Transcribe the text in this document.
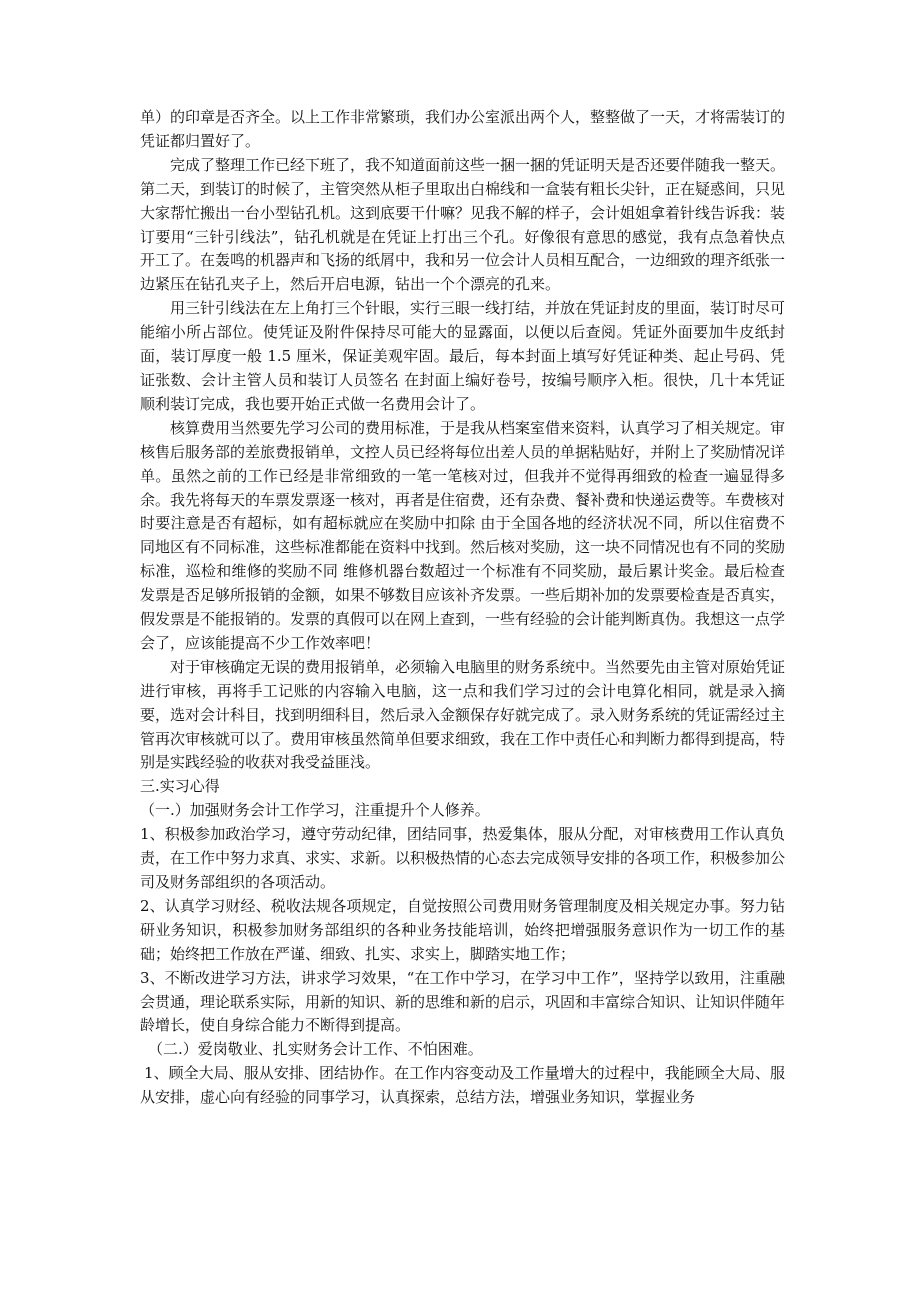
单）的印章是否齐全。以上工作非常繁琐，我们办公室派出两个人，整整做了一天，才将需装订的凭证都归置好了。

完成了整理工作已经下班了，我不知道面前这些一捆一捆的凭证明天是否还要伴随我一整天。第二天，到装订的时候了，主管突然从柜子里取出白棉线和一盒装有粗长尖针，正在疑惑间，只见大家帮忙搬出一台小型钻孔机。这到底要干什嘛？见我不解的样子，会计姐姐拿着针线告诉我：装订要用“三针引线法”，钻孔机就是在凭证上打出三个孔。好像很有意思的感觉，我有点急着快点开工了。在轰鸣的机器声和飞扬的纸屑中，我和另一位会计人员相互配合，一边细致的理齐纸张一边紧压在钻孔夹子上，然后开启电源，钻出一个个漂亮的孔来。

用三针引线法在左上角打三个针眼，实行三眼一线打结，并放在凭证封皮的里面，装订时尽可能缩小所占部位。使凭证及附件保持尽可能大的显露面，以便以后查阅。凭证外面要加牛皮纸封面，装订厚度一般 1.5 厘米，保证美观牢固。最后，每本封面上填写好凭证种类、起止号码、凭证张数、会计主管人员和装订人员签名 在封面上编好卷号，按编号顺序入柜。很快，几十本凭证顺利装订完成，我也要开始正式做一名费用会计了。

核算费用当然要先学习公司的费用标准，于是我从档案室借来资料，认真学习了相关规定。审核售后服务部的差旅费报销单，文控人员已经将每位出差人员的单据粘贴好，并附上了奖励情况详单。虽然之前的工作已经是非常细致的一笔一笔核对过，但我并不觉得再细致的检查一遍显得多余。我先将每天的车票发票逐一核对，再者是住宿费，还有杂费、餐补费和快递运费等。车费核对时要注意是否有超标，如有超标就应在奖励中扣除 由于全国各地的经济状况不同，所以住宿费不同地区有不同标准，这些标准都能在资料中找到。然后核对奖励，这一块不同情况也有不同的奖励标准，巡检和维修的奖励不同 维修机器台数超过一个标准有不同奖励，最后累计奖金。最后检查发票是否足够所报销的金额，如果不够数目应该补齐发票。一些后期补加的发票要检查是否真实，假发票是不能报销的。发票的真假可以在网上查到，一些有经验的会计能判断真伪。我想这一点学会了，应该能提高不少工作效率吧！

对于审核确定无误的费用报销单，必须输入电脑里的财务系统中。当然要先由主管对原始凭证进行审核，再将手工记账的内容输入电脑，这一点和我们学习过的会计电算化相同，就是录入摘要，选对会计科目，找到明细科目，然后录入金额保存好就完成了。录入财务系统的凭证需经过主管再次审核就可以了。费用审核虽然简单但要求细致，我在工作中责任心和判断力都得到提高，特别是实践经验的收获对我受益匪浅。

三.实习心得

（一.）加强财务会计工作学习，注重提升个人修养。

1、积极参加政治学习，遵守劳动纪律，团结同事，热爱集体，服从分配，对审核费用工作认真负责，在工作中努力求真、求实、求新。以积极热情的心态去完成领导安排的各项工作，积极参加公司及财务部组织的各项活动。

2、认真学习财经、税收法规各项规定，自觉按照公司费用财务管理制度及相关规定办事。努力钻研业务知识，积极参加财务部组织的各种业务技能培训，始终把增强服务意识作为一切工作的基础；始终把工作放在严谨、细致、扎实、求实上，脚踏实地工作；

3、不断改进学习方法，讲求学习效果，“在工作中学习，在学习中工作”，坚持学以致用，注重融会贯通，理论联系实际，用新的知识、新的思维和新的启示，巩固和丰富综合知识、让知识伴随年龄增长，使自身综合能力不断得到提高。

（二.）爱岗敬业、扎实财务会计工作、不怕困难。

1、顾全大局、服从安排、团结协作。在工作内容变动及工作量增大的过程中，我能顾全大局、服从安排，虚心向有经验的同事学习，认真探索，总结方法，增强业务知识，掌握业务
